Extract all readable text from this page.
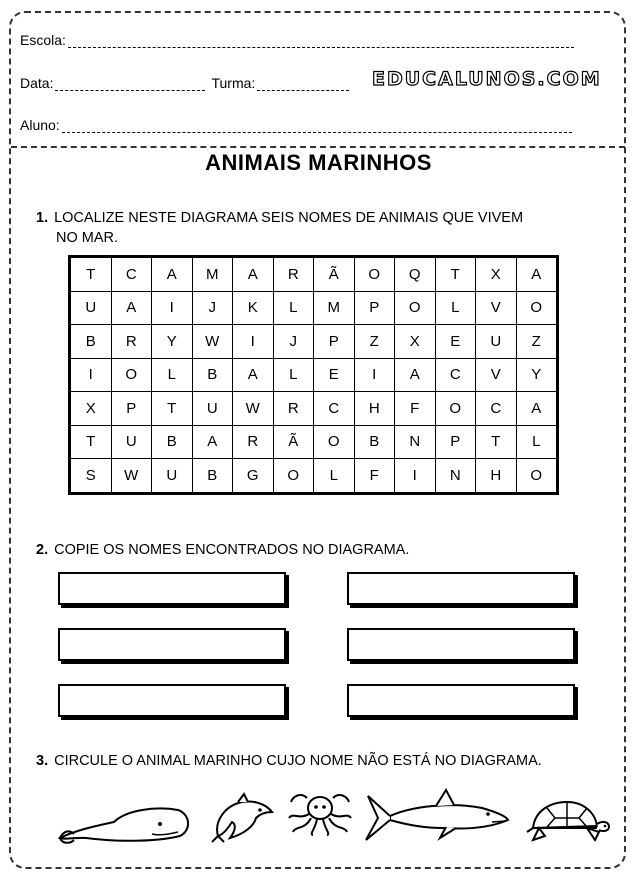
Escola:
Data:	Turma:	EDUCALUNOS.COM
Aluno:
ANIMAIS MARINHOS
1. LOCALIZE NESTE DIAGRAMA SEIS NOMES DE ANIMAIS QUE VIVEM
NO MAR.
T	C	A	M	A	R	Ã	O	Q	T	X	A
U	A	I	J	K	L	M	P	O	L	V	O
B	R	Y	W	I	J	P	Z	X	E	U	Z
I	O	L	B	A	L	E	I	A	C	V	Y
X	P	T	U	W	R	C	H	F	O	C	A
T	U	B	A	R	Ã	O	B	N	P	T	L
S	W	U	B	G	O	L	F	I	N	H	O
2. COPIE OS NOMES ENCONTRADOS NO DIAGRAMA.
3. CIRCULE O ANIMAL MARINHO CUJO NOME NÃO ESTÁ NO DIAGRAMA.
